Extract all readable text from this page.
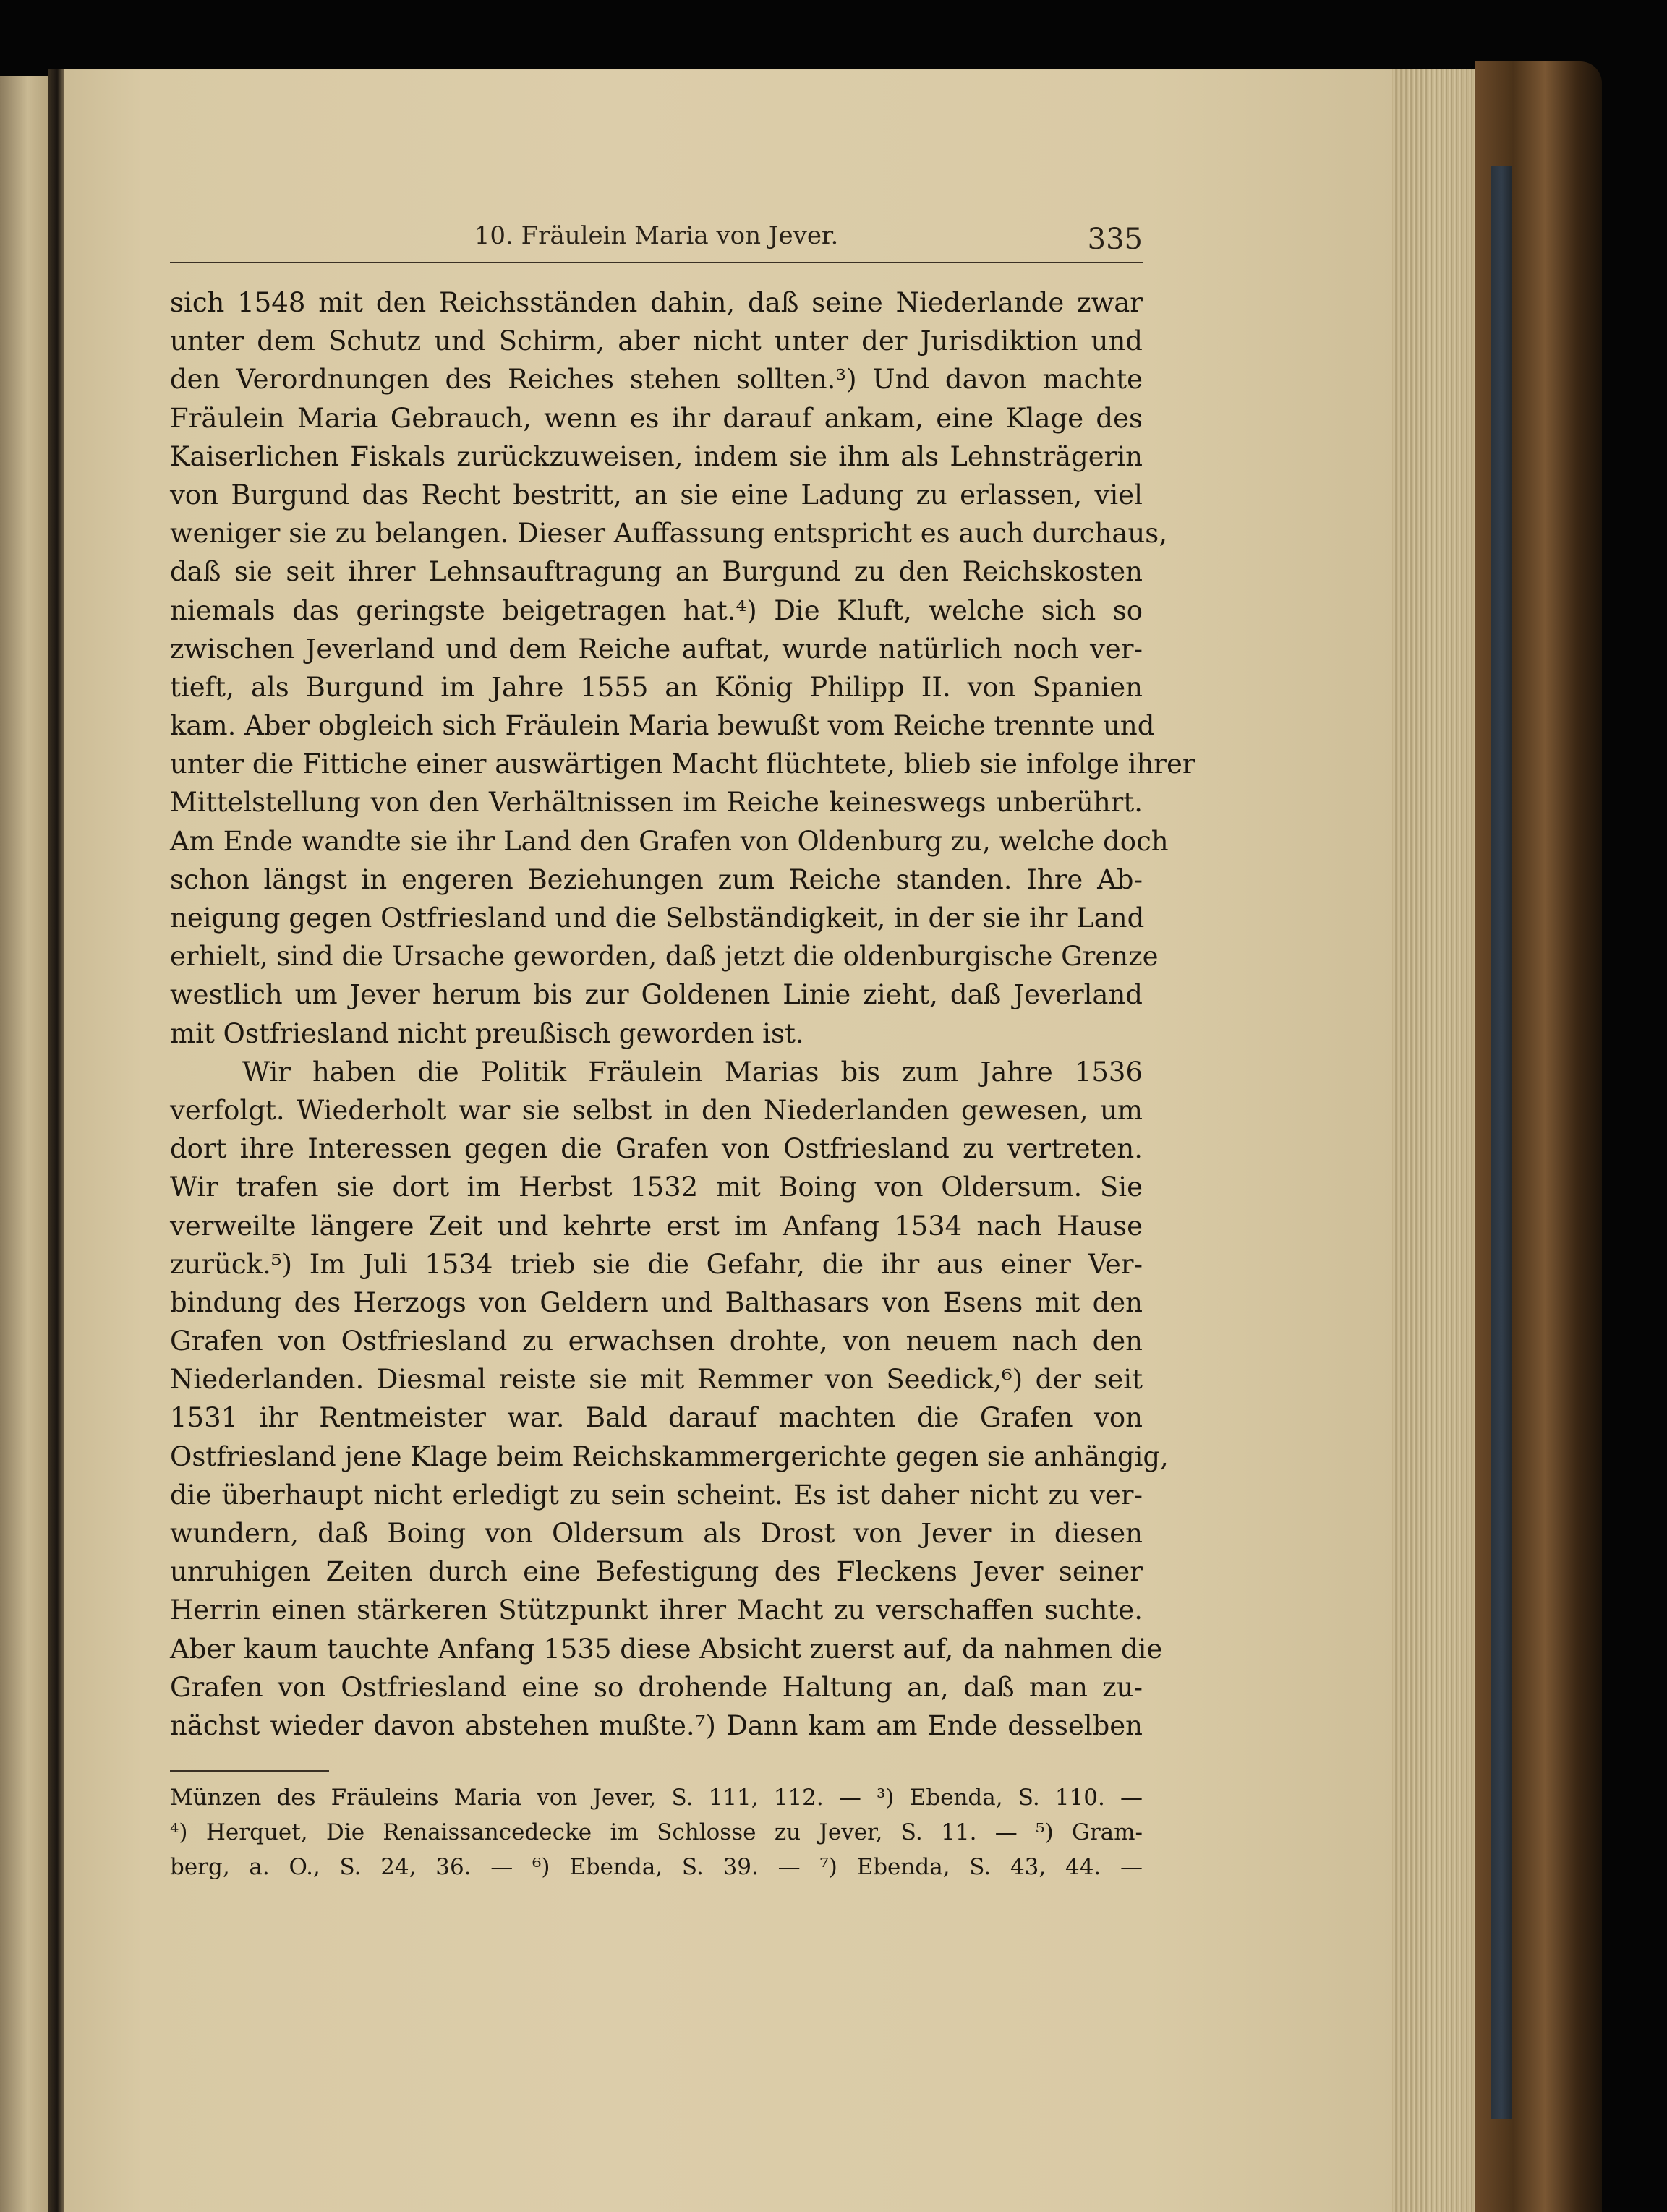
10. Fräulein Maria von Jever.	335
sich 1548 mit den Reichsständen dahin, daß seine Niederlande zwar
unter dem Schutz und Schirm, aber nicht unter der Jurisdiktion und
den Verordnungen des Reiches stehen sollten.³) Und davon machte
Fräulein Maria Gebrauch, wenn es ihr darauf ankam, eine Klage des
Kaiserlichen Fiskals zurückzuweisen, indem sie ihm als Lehnsträgerin
von Burgund das Recht bestritt, an sie eine Ladung zu erlassen, viel
weniger sie zu belangen. Dieser Auffassung entspricht es auch durchaus,
daß sie seit ihrer Lehnsauftragung an Burgund zu den Reichskosten
niemals das geringste beigetragen hat.⁴) Die Kluft, welche sich so
zwischen Jeverland und dem Reiche auftat, wurde natürlich noch ver-
tieft, als Burgund im Jahre 1555 an König Philipp II. von Spanien
kam. Aber obgleich sich Fräulein Maria bewußt vom Reiche trennte und
unter die Fittiche einer auswärtigen Macht flüchtete, blieb sie infolge ihrer
Mittelstellung von den Verhältnissen im Reiche keineswegs unberührt.
Am Ende wandte sie ihr Land den Grafen von Oldenburg zu, welche doch
schon längst in engeren Beziehungen zum Reiche standen. Ihre Ab-
neigung gegen Ostfriesland und die Selbständigkeit, in der sie ihr Land
erhielt, sind die Ursache geworden, daß jetzt die oldenburgische Grenze
westlich um Jever herum bis zur Goldenen Linie zieht, daß Jeverland
mit Ostfriesland nicht preußisch geworden ist.
Wir haben die Politik Fräulein Marias bis zum Jahre 1536
verfolgt. Wiederholt war sie selbst in den Niederlanden gewesen, um
dort ihre Interessen gegen die Grafen von Ostfriesland zu vertreten.
Wir trafen sie dort im Herbst 1532 mit Boing von Oldersum. Sie
verweilte längere Zeit und kehrte erst im Anfang 1534 nach Hause
zurück.⁵) Im Juli 1534 trieb sie die Gefahr, die ihr aus einer Ver-
bindung des Herzogs von Geldern und Balthasars von Esens mit den
Grafen von Ostfriesland zu erwachsen drohte, von neuem nach den
Niederlanden. Diesmal reiste sie mit Remmer von Seedick,⁶) der seit
1531 ihr Rentmeister war. Bald darauf machten die Grafen von
Ostfriesland jene Klage beim Reichskammergerichte gegen sie anhängig,
die überhaupt nicht erledigt zu sein scheint. Es ist daher nicht zu ver-
wundern, daß Boing von Oldersum als Drost von Jever in diesen
unruhigen Zeiten durch eine Befestigung des Fleckens Jever seiner
Herrin einen stärkeren Stützpunkt ihrer Macht zu verschaffen suchte.
Aber kaum tauchte Anfang 1535 diese Absicht zuerst auf, da nahmen die
Grafen von Ostfriesland eine so drohende Haltung an, daß man zu-
nächst wieder davon abstehen mußte.⁷) Dann kam am Ende desselben
Münzen des Fräuleins Maria von Jever, S. 111, 112. — ³) Ebenda, S. 110. —
⁴) Herquet, Die Renaissancedecke im Schlosse zu Jever, S. 11. — ⁵) Gram-
berg, a. O., S. 24, 36. — ⁶) Ebenda, S. 39. — ⁷) Ebenda, S. 43, 44. —
